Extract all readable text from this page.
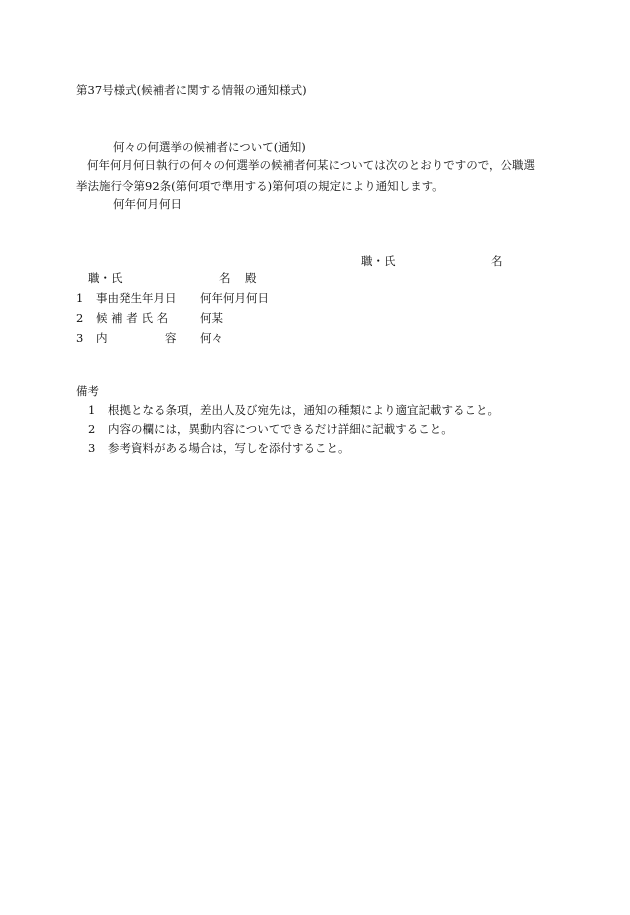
第37号様式(候補者に関する情報の通知様式)
何々の何選挙の候補者について(通知)
何年何月何日執行の何々の何選挙の候補者何某については次のとおりですので，公職選
挙法施行令第92条(第何項で準用する)第何項の規定により通知します。
何年何月何日
職・氏	名
職・氏	名 殿
1 事由発生年月日 何年何月何日
2 候 補 者 氏 名	何某
3 内	容 何々
備考
1 根拠となる条項，差出人及び宛先は，通知の種類により適宜記載すること。
2 内容の欄には，異動内容についてできるだけ詳細に記載すること。
3 参考資料がある場合は，写しを添付すること。
